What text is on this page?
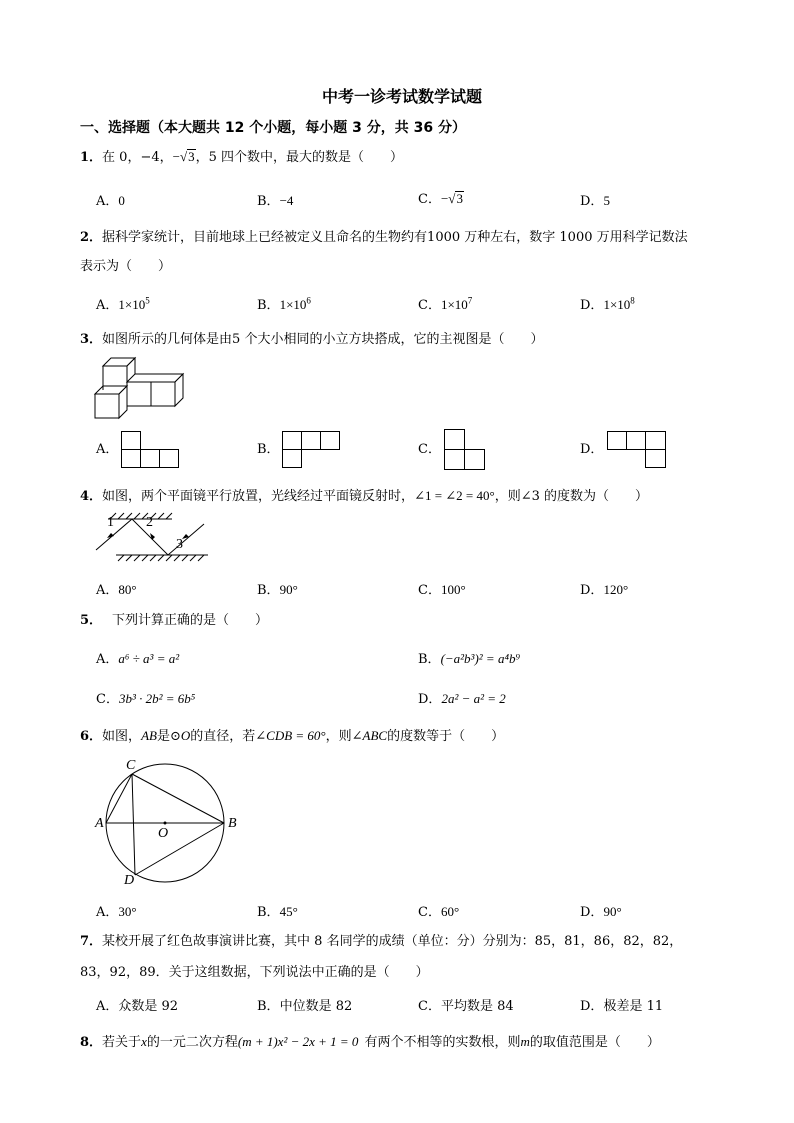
中考一诊考试数学试题
一、选择题（本大题共 12 个小题，每小题 3 分，共 36 分）
1．在 0，−4，−√3，5 四个数中，最大的数是（　　）
A．0	B．−4	C．−√3	D．5
2．据科学家统计，目前地球上已经被定义且命名的生物约有1000 万种左右，数字 1000 万用科学记数法
表示为（　　）
A．$1\times 10^5$	B．$1\times 10^6$	C．$1\times 10^7$	D．$1\times 10^8$
3．如图所示的几何体是由5 个大小相同的小立方块搭成，它的主视图是（　　）
A．	B．	C．	D．
4．如图，两个平面镜平行放置，光线经过平面镜反射时，∠1 = ∠2 = 40°，则∠3 的度数为（　　）
1 2
3
A．80°	B．90°	C．100°	D．120°
5． 下列计算正确的是（　　）
A．a⁶ ÷ a³ = a²	B．(−a²b³)² = a⁴b⁹
C．3b³ · 2b² = 6b⁵	D．2a² − a² = 2
6．如图，AB是⊙O的直径，若∠CDB = 60°，则∠ABC的度数等于（　　）
C
A	B
O
D
A．30°	B．45°	C．60°	D．90°
7．某校开展了红色故事演讲比赛，其中 8 名同学的成绩（单位：分）分别为：85，81，86，82，82，
83，92，89．关于这组数据，下列说法中正确的是（　　）
A．众数是 92	B．中位数是 82	C．平均数是 84	D．极差是 11
8．若关于x的一元二次方程(m + 1)x² − 2x + 1 = 0 有两个不相等的实数根，则m的取值范围是（　　）
